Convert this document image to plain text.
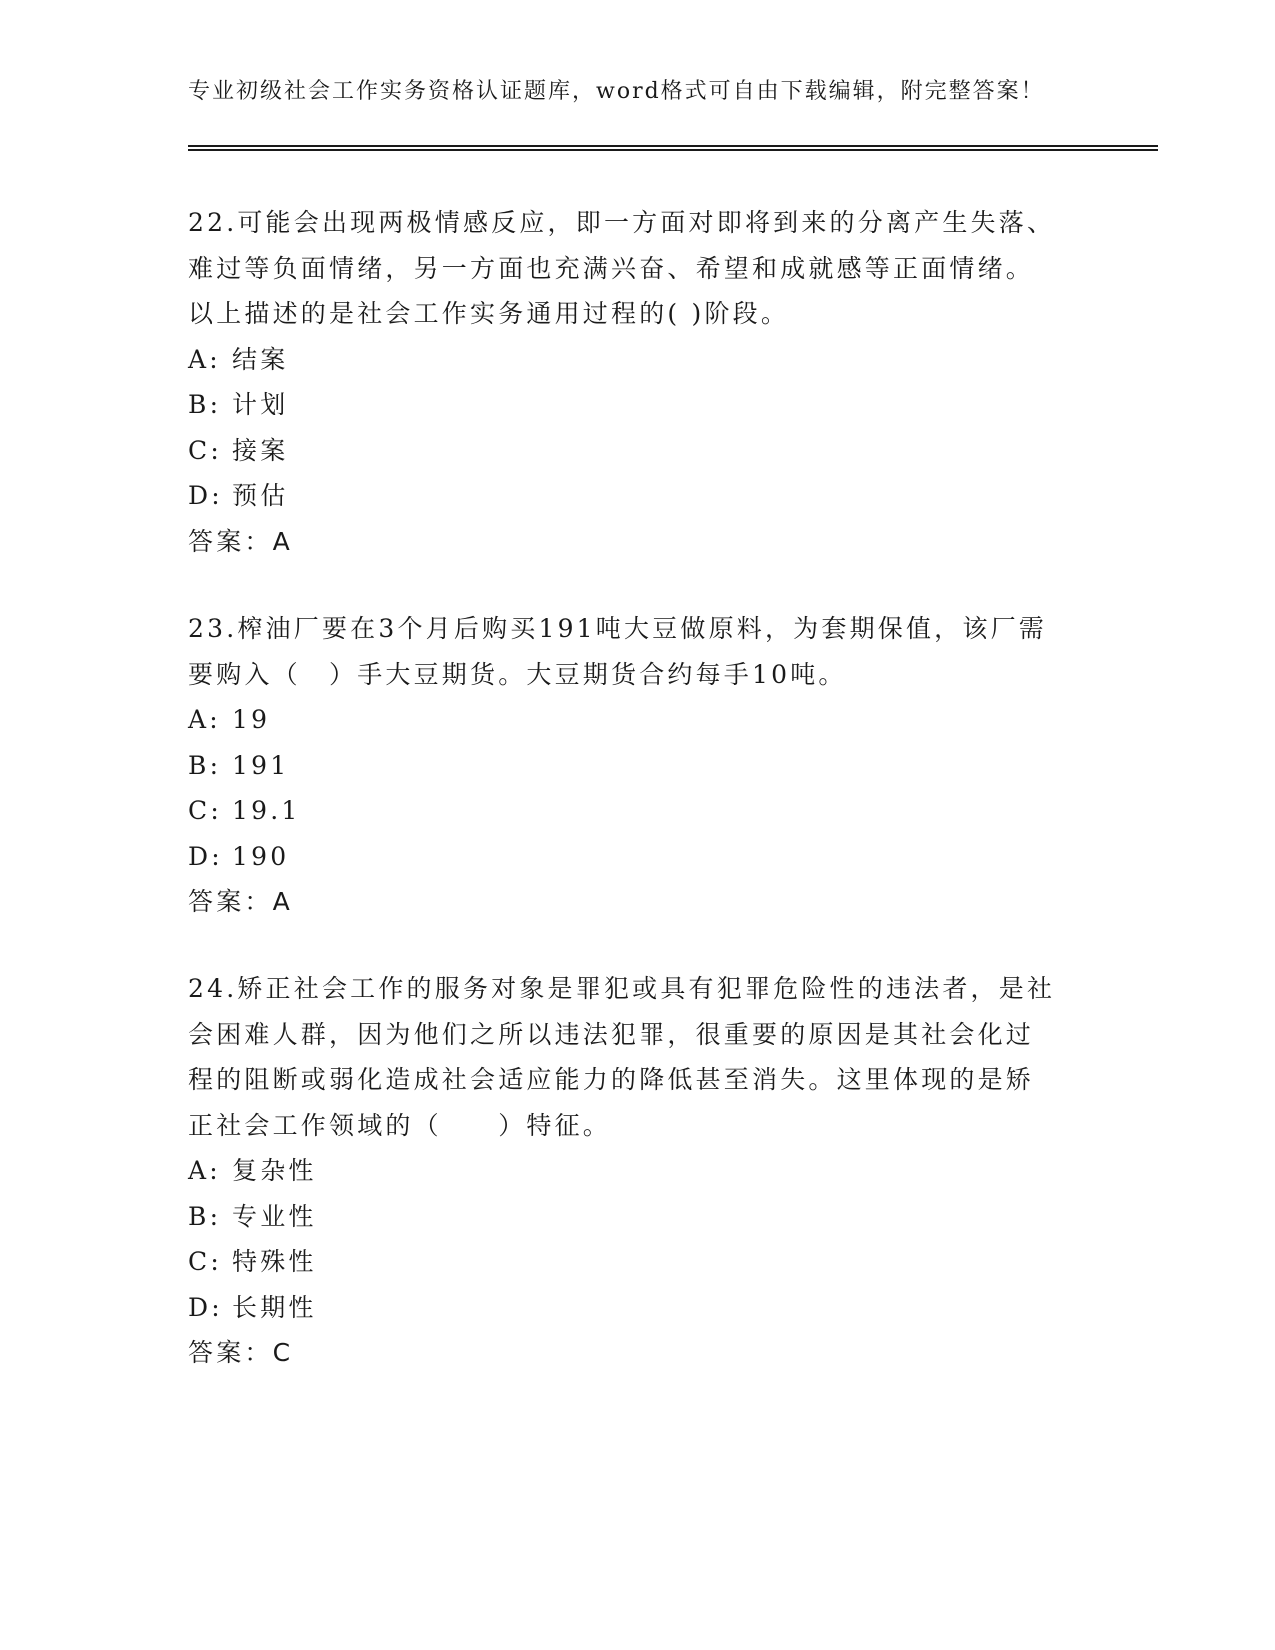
专业初级社会工作实务资格认证题库，word格式可自由下载编辑，附完整答案！

22.可能会出现两极情感反应，即一方面对即将到来的分离产生失落、

难过等负面情绪，另一方面也充满兴奋、希望和成就感等正面情绪。

以上描述的是社会工作实务通用过程的( )阶段。

A: 结案

B: 计划

C: 接案

D: 预估

答案：A

23.榨油厂要在3个月后购买191吨大豆做原料，为套期保值，该厂需

要购入（　）手大豆期货。大豆期货合约每手10吨。

A: 19

B: 191

C: 19.1

D: 190

答案：A

24.矫正社会工作的服务对象是罪犯或具有犯罪危险性的违法者，是社

会困难人群，因为他们之所以违法犯罪，很重要的原因是其社会化过

程的阻断或弱化造成社会适应能力的降低甚至消失。这里体现的是矫

正社会工作领域的（　　）特征。

A: 复杂性

B: 专业性

C: 特殊性

D: 长期性

答案：C
